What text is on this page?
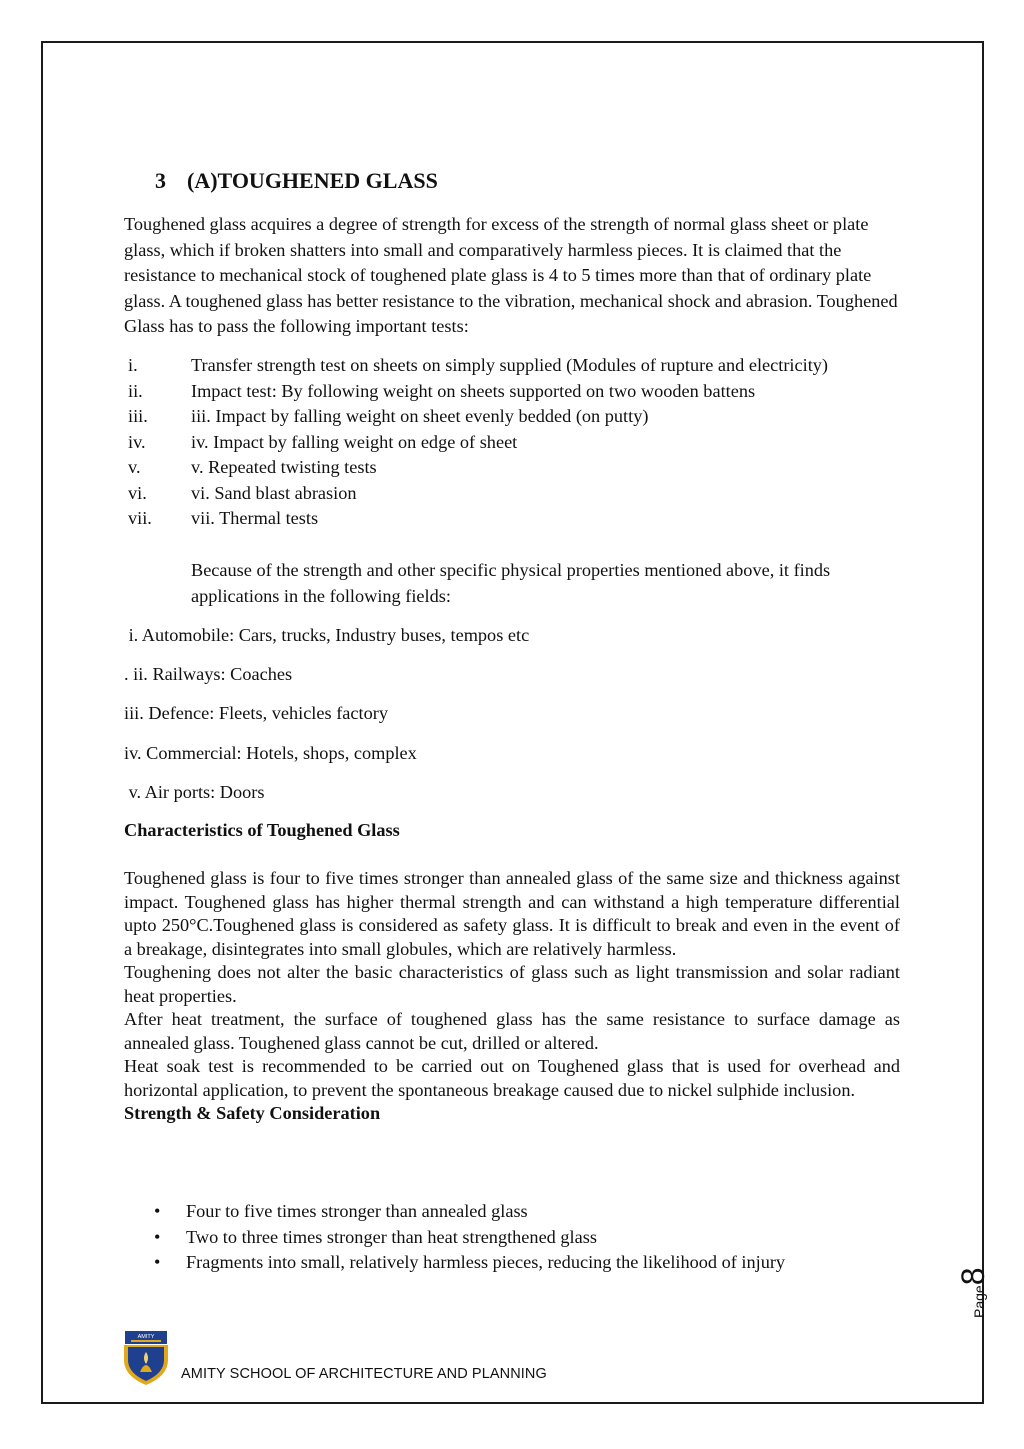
3 (A)TOUGHENED GLASS

Toughened glass acquires a degree of strength for excess of the strength of normal glass sheet or plate glass, which if broken shatters into small and comparatively harmless pieces. It is claimed that the resistance to mechanical stock of toughened plate glass is 4 to 5 times more than that of ordinary plate glass. A toughened glass has better resistance to the vibration, mechanical shock and abrasion. Toughened Glass has to pass the following important tests:

i.	Transfer strength test on sheets on simply supplied (Modules of rupture and electricity)
ii.	Impact test: By following weight on sheets supported on two wooden battens
iii. iii. Impact by falling weight on sheet evenly bedded (on putty)
iv. iv. Impact by falling weight on edge of sheet
v.	v. Repeated twisting tests
vi. vi. Sand blast abrasion
vii. vii. Thermal tests

Because of the strength and other specific physical properties mentioned above, it finds applications in the following fields:

i. Automobile: Cars, trucks, Industry buses, tempos etc

. ii. Railways: Coaches

iii. Defence: Fleets, vehicles factory

iv. Commercial: Hotels, shops, complex

v. Air ports: Doors

Characteristics of Toughened Glass

Toughened glass is four to five times stronger than annealed glass of the same size and thickness against impact. Toughened glass has higher thermal strength and can withstand a high temperature differential upto 250°C.Toughened glass is considered as safety glass. It is difficult to break and even in the event of a breakage, disintegrates into small globules, which are relatively harmless.

Toughening does not alter the basic characteristics of glass such as light transmission and solar radiant heat properties.

After heat treatment, the surface of toughened glass has the same resistance to surface damage as annealed glass. Toughened glass cannot be cut, drilled or altered.

Heat soak test is recommended to be carried out on Toughened glass that is used for overhead and horizontal application, to prevent the spontaneous breakage caused due to nickel sulphide inclusion.

Strength & Safety Consideration
• Four to five times stronger than annealed glass
• Two to three times stronger than heat strengthened glass
• Fragments into small, relatively harmless pieces, reducing the likelihood of injury
Page8
AMITY

AMITY SCHOOL OF ARCHITECTURE AND PLANNING
